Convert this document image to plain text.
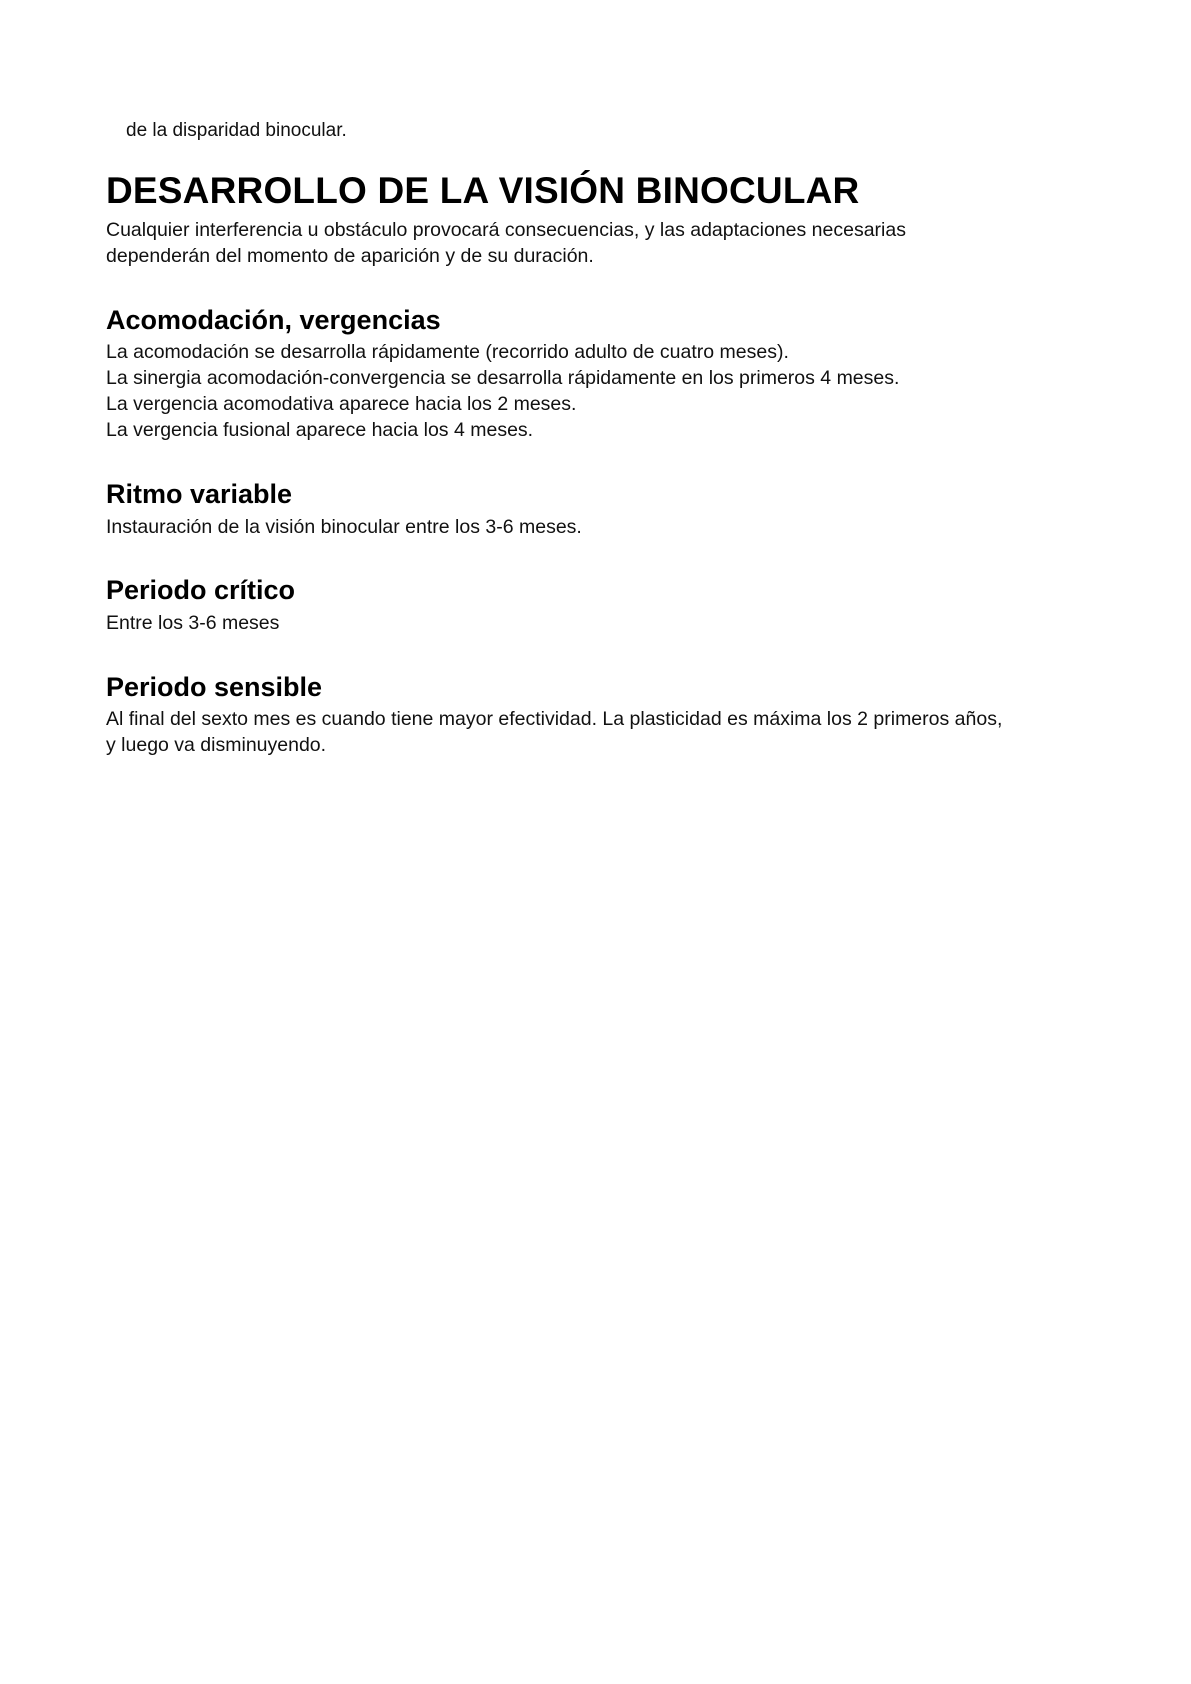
de la disparidad binocular.

DESARROLLO DE LA VISIÓN BINOCULAR

Cualquier interferencia u obstáculo provocará consecuencias, y las adaptaciones necesarias dependerán del momento de aparición y de su duración.

Acomodación, vergencias
La acomodación se desarrolla rápidamente (recorrido adulto de cuatro meses).
La sinergia acomodación-convergencia se desarrolla rápidamente en los primeros 4 meses.
La vergencia acomodativa aparece hacia los 2 meses.
La vergencia fusional aparece hacia los 4 meses.
Ritmo variable
Instauración de la visión binocular entre los 3-6 meses.
Periodo crítico
Entre los 3-6 meses
Periodo sensible
Al final del sexto mes es cuando tiene mayor efectividad. La plasticidad es máxima los 2 primeros años, y luego va disminuyendo.
